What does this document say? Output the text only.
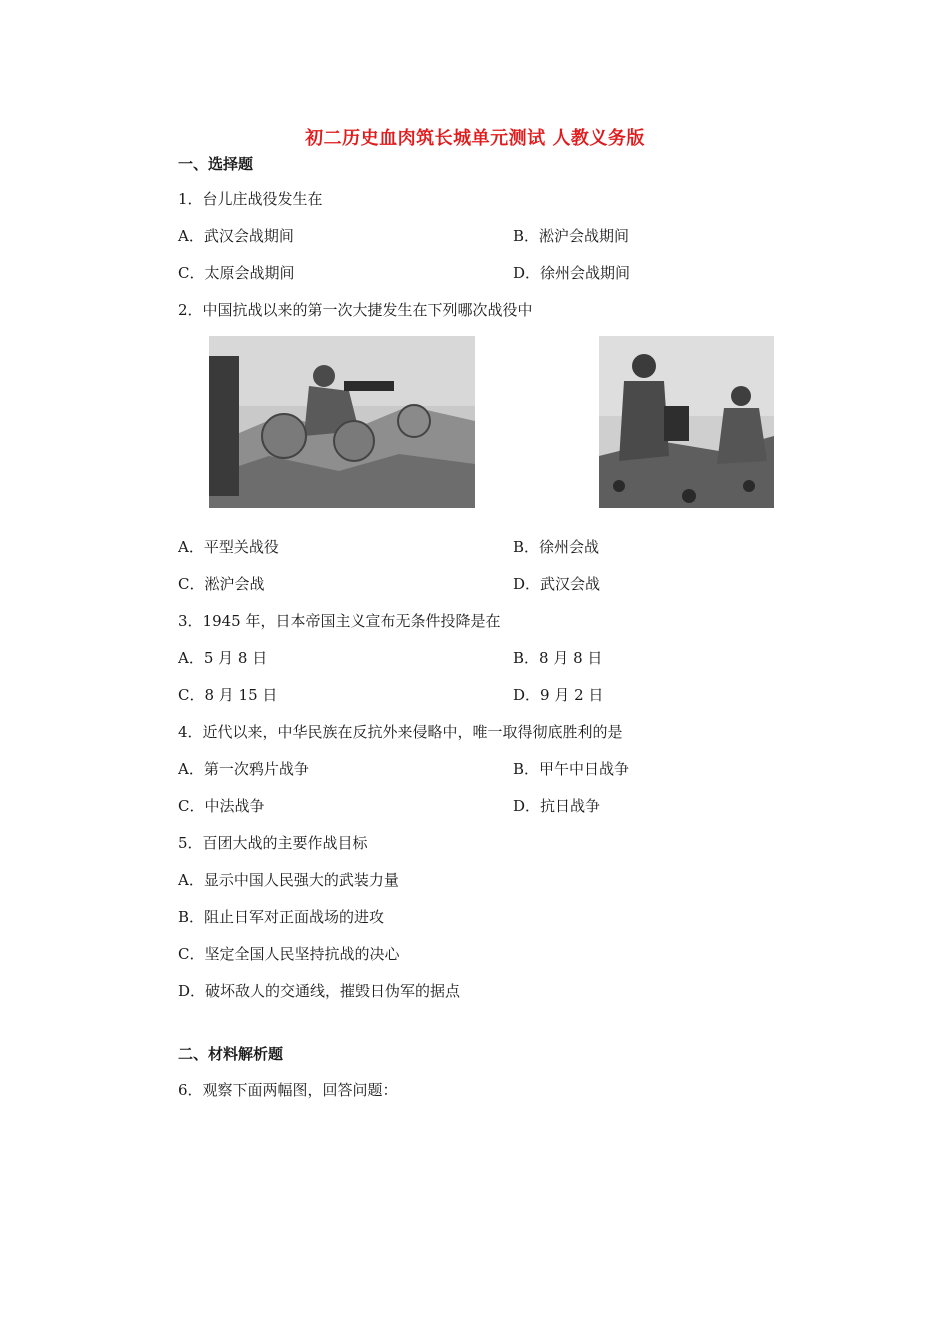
初二历史血肉筑长城单元测试 人教义务版
一、选择题
1．台儿庄战役发生在
A．武汉会战期间	B．淞沪会战期间
C．太原会战期间	D．徐州会战期间
2．中国抗战以来的第一次大捷发生在下列哪次战役中
A．平型关战役	B．徐州会战
C．淞沪会战	D．武汉会战
3．1945 年，日本帝国主义宣布无条件投降是在
A．5 月 8 日	B．8 月 8 日
C．8 月 15 日	D．9 月 2 日
4．近代以来，中华民族在反抗外来侵略中，唯一取得彻底胜利的是
A．第一次鸦片战争	B．甲午中日战争
C．中法战争	D．抗日战争
5．百团大战的主要作战目标
A．显示中国人民强大的武装力量
B．阻止日军对正面战场的进攻
C．坚定全国人民坚持抗战的决心
D．破坏敌人的交通线，摧毁日伪军的据点
二、材料解析题
6．观察下面两幅图，回答问题：
